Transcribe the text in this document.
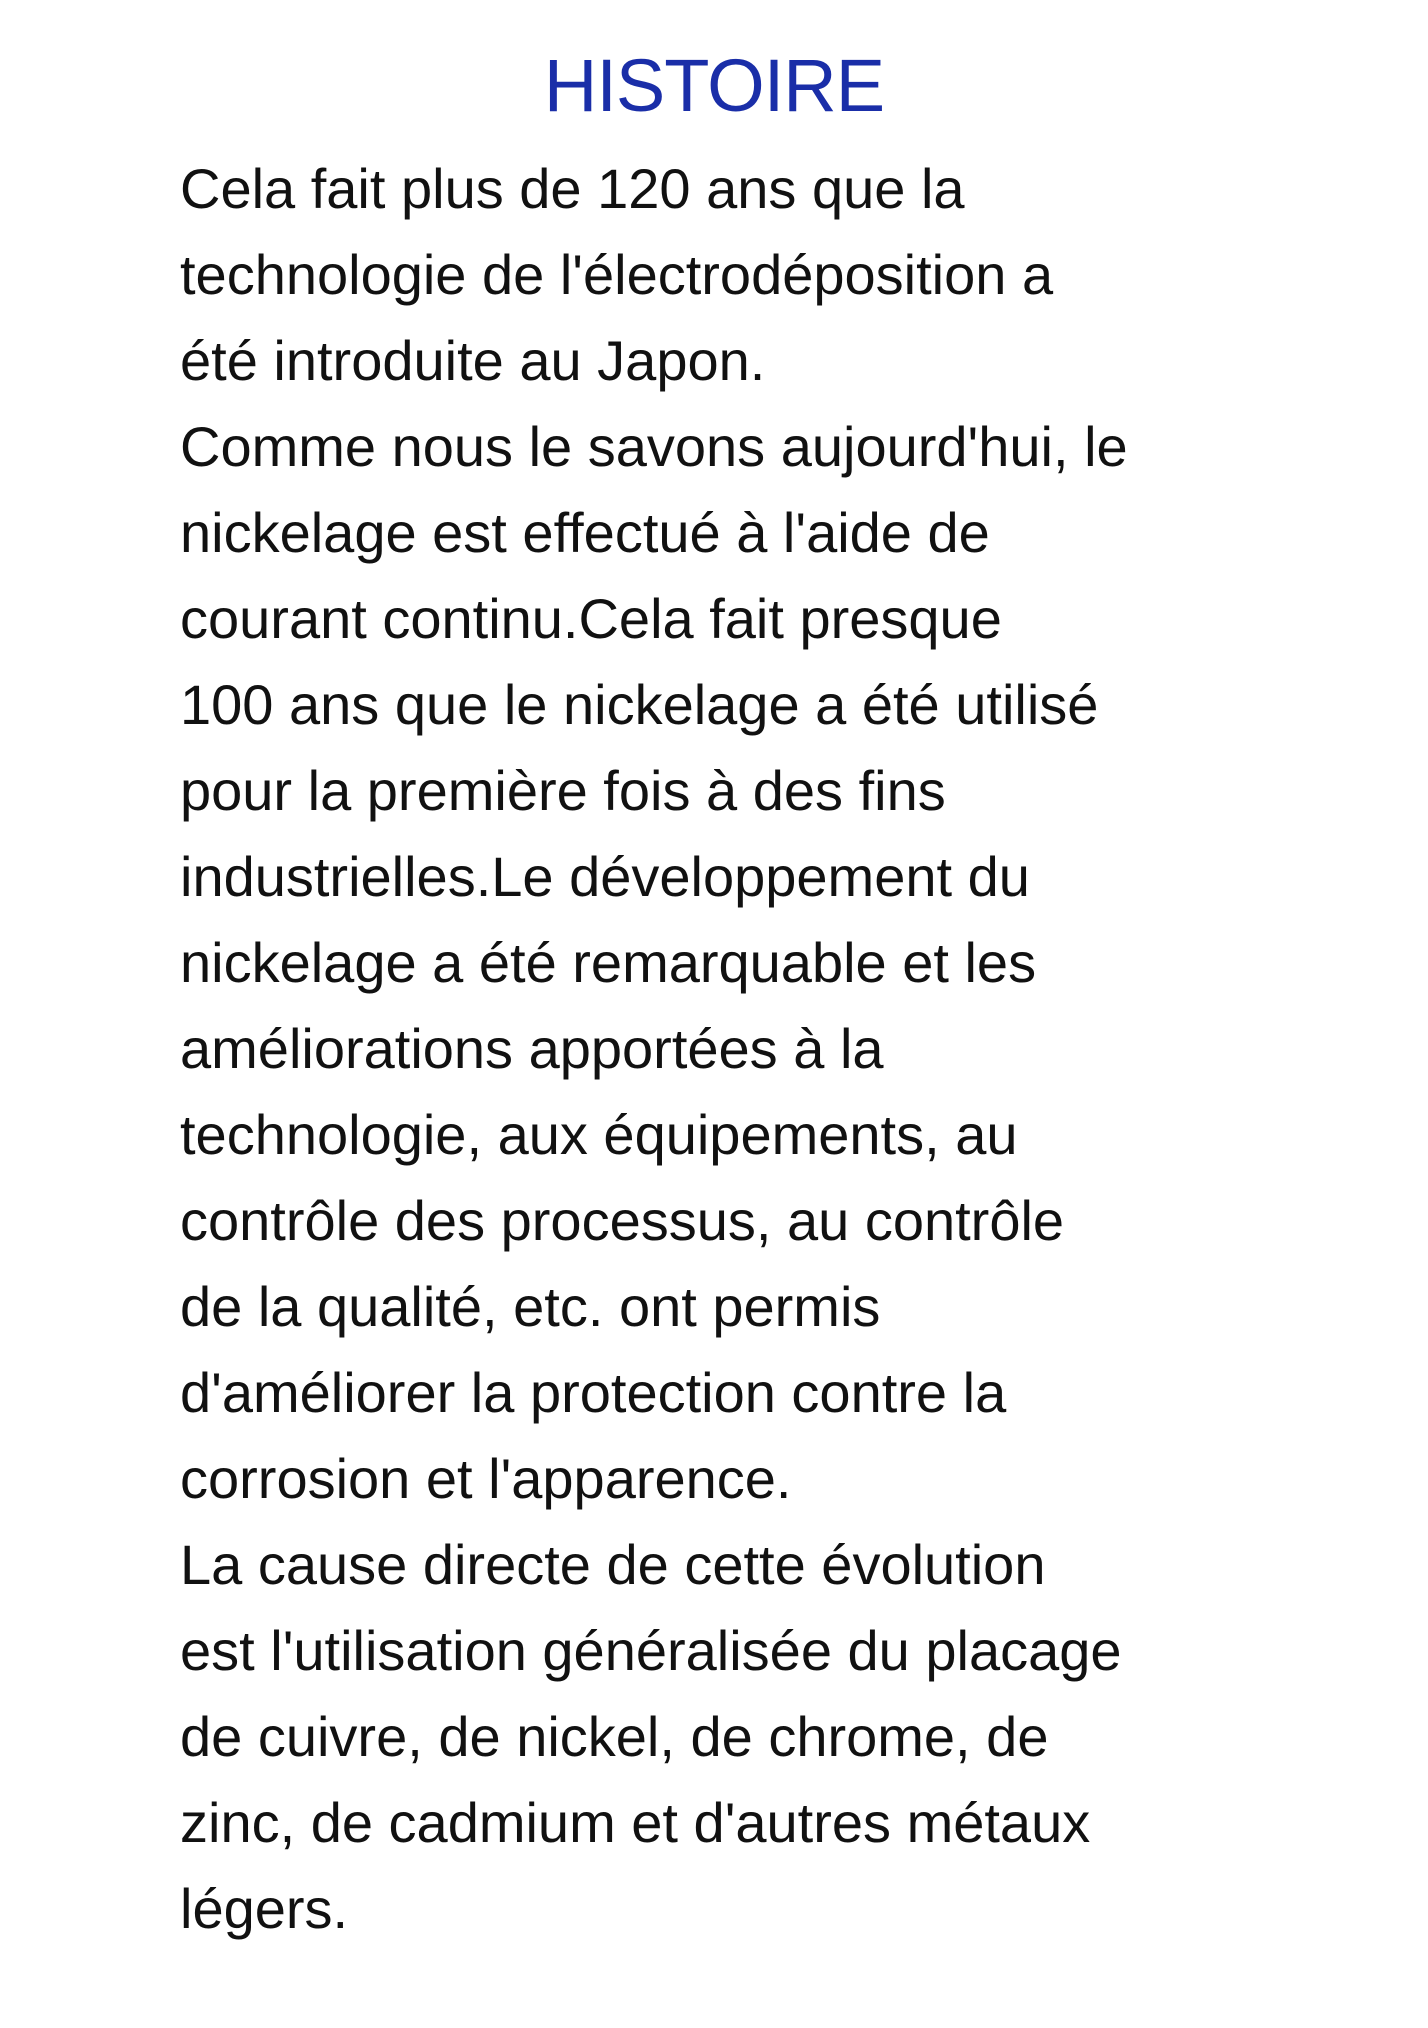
HISTOIRE
Cela fait plus de 120 ans que la
technologie de l'électrodéposition a
été introduite au Japon.
Comme nous le savons aujourd'hui, le
nickelage est effectué à l'aide de
courant continu.Cela fait presque
100 ans que le nickelage a été utilisé
pour la première fois à des fins
industrielles.Le développement du
nickelage a été remarquable et les
améliorations apportées à la
technologie, aux équipements, au
contrôle des processus, au contrôle
de la qualité, etc. ont permis
d'améliorer la protection contre la
corrosion et l'apparence.
La cause directe de cette évolution
est l'utilisation généralisée du placage
de cuivre, de nickel, de chrome, de
zinc, de cadmium et d'autres métaux
légers.
